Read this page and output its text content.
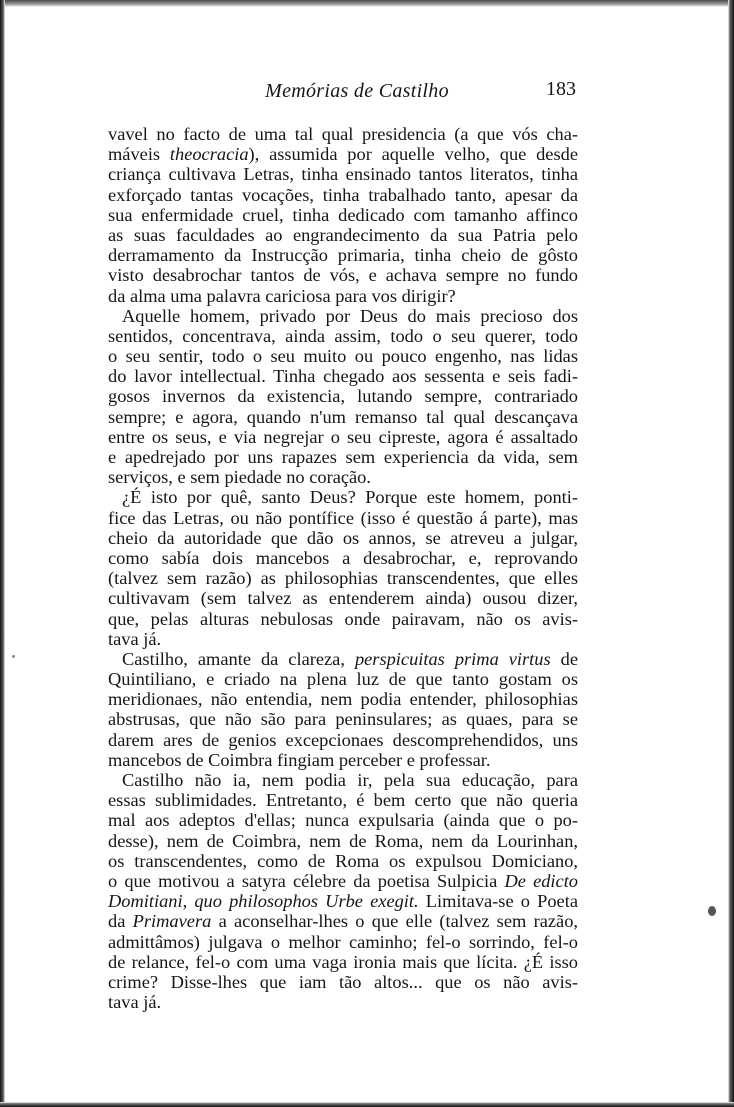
Memórias de Castilho	183
vavel no facto de uma tal qual presidencia (a que vós cha-
máveis theocracia), assumida por aquelle velho, que desde
criança cultivava Letras, tinha ensinado tantos literatos, tinha
exforçado tantas vocações, tinha trabalhado tanto, apesar da
sua enfermidade cruel, tinha dedicado com tamanho affinco
as suas faculdades ao engrandecimento da sua Patria pelo
derramamento da Instrucção primaria, tinha cheio de gôsto
visto desabrochar tantos de vós, e achava sempre no fundo
da alma uma palavra cariciosa para vos dirigir?
Aquelle homem, privado por Deus do mais precioso dos
sentidos, concentrava, ainda assim, todo o seu querer, todo
o seu sentir, todo o seu muito ou pouco engenho, nas lidas
do lavor intellectual. Tinha chegado aos sessenta e seis fadi-
gosos invernos da existencia, lutando sempre, contrariado
sempre; e agora, quando n'um remanso tal qual descançava
entre os seus, e via negrejar o seu cipreste, agora é assaltado
e apedrejado por uns rapazes sem experiencia da vida, sem
serviços, e sem piedade no coração.
¿É isto por quê, santo Deus? Porque este homem, ponti-
fice das Letras, ou não pontífice (isso é questão á parte), mas
cheio da autoridade que dão os annos, se atreveu a julgar,
como sabía dois mancebos a desabrochar, e, reprovando
(talvez sem razão) as philosophias transcendentes, que elles
cultivavam (sem talvez as entenderem ainda) ousou dizer,
que, pelas alturas nebulosas onde pairavam, não os avis-
tava já.
Castilho, amante da clareza, perspicuitas prima virtus de
Quintiliano, e criado na plena luz de que tanto gostam os
meridionaes, não entendia, nem podia entender, philosophias
abstrusas, que não são para peninsulares; as quaes, para se
darem ares de genios excepcionaes descomprehendidos, uns
mancebos de Coimbra fingiam perceber e professar.
Castilho não ia, nem podia ir, pela sua educação, para
essas sublimidades. Entretanto, é bem certo que não queria
mal aos adeptos d'ellas; nunca expulsaria (ainda que o po-
desse), nem de Coimbra, nem de Roma, nem da Lourinhan,
os transcendentes, como de Roma os expulsou Domiciano,
o que motivou a satyra célebre da poetisa Sulpicia De edicto
Domitiani, quo philosophos Urbe exegit. Limitava-se o Poeta
da Primavera a aconselhar-lhes o que elle (talvez sem razão,
admittâmos) julgava o melhor caminho; fel-o sorrindo, fel-o
de relance, fel-o com uma vaga ironia mais que lícita. ¿É isso
crime? Disse-lhes que iam tão altos... que os não avis-
tava já.
